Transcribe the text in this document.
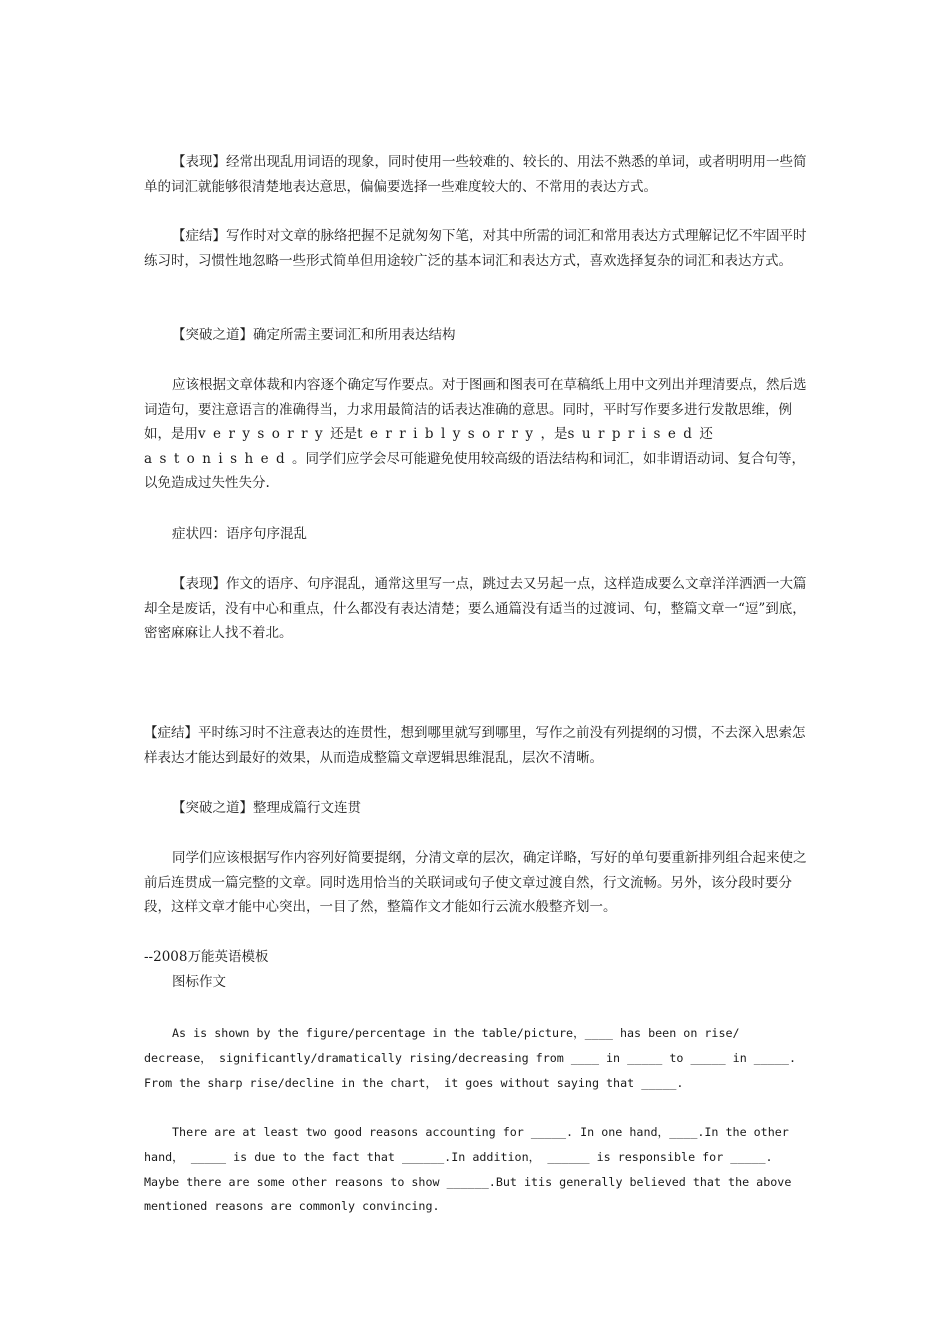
【表现】经常出现乱用词语的现象，同时使用一些较难的、较长的、用法不熟悉的单词，或者明明用一些简单的词汇就能够很清楚地表达意思，偏偏要选择一些难度较大的、不常用的表达方式。

【症结】写作时对文章的脉络把握不足就匆匆下笔，对其中所需的词汇和常用表达方式理解记忆不牢固平时练习时，习惯性地忽略一些形式简单但用途较广泛的基本词汇和表达方式，喜欢选择复杂的词汇和表达方式。

【突破之道】确定所需主要词汇和所用表达结构

应该根据文章体裁和内容逐个确定写作要点。对于图画和图表可在草稿纸上用中文列出并理清要点，然后选词造句，要注意语言的准确得当，力求用最简洁的话表达准确的意思。同时，平时写作要多进行发散思维，例如，是用verysorry还是terriblysorry，是surprised还astonished。同学们应学会尽可能避免使用较高级的语法结构和词汇，如非谓语动词、复合句等，以免造成过失性失分.

症状四：语序句序混乱

【表现】作文的语序、句序混乱，通常这里写一点，跳过去又另起一点，这样造成要么文章洋洋洒洒一大篇却全是废话，没有中心和重点，什么都没有表达清楚；要么通篇没有适当的过渡词、句，整篇文章一“逗”到底，密密麻麻让人找不着北。

【症结】平时练习时不注意表达的连贯性，想到哪里就写到哪里，写作之前没有列提纲的习惯，不去深入思索怎样表达才能达到最好的效果，从而造成整篇文章逻辑思维混乱，层次不清晰。

【突破之道】整理成篇行文连贯

同学们应该根据写作内容列好简要提纲，分清文章的层次，确定详略，写好的单句要重新排列组合起来使之前后连贯成一篇完整的文章。同时选用恰当的关联词或句子使文章过渡自然，行文流畅。另外，该分段时要分段，这样文章才能中心突出，一目了然，整篇作文才能如行云流水般整齐划一。

--2008万能英语模板

图标作文

As is shown by the figure/percentage in the table/picture，____ has been on rise/ decrease， significantly/dramatically rising/decreasing from ____ in _____ to _____ in _____. From the sharp rise/decline in the chart， it goes without saying that _____.

There are at least two good reasons accounting for _____. In one hand，____.In the other hand， _____ is due to the fact that ______.In addition， ______ is responsible for _____. Maybe there are some other reasons to show ______.But itis generally believed that the above mentioned reasons are commonly convincing.
